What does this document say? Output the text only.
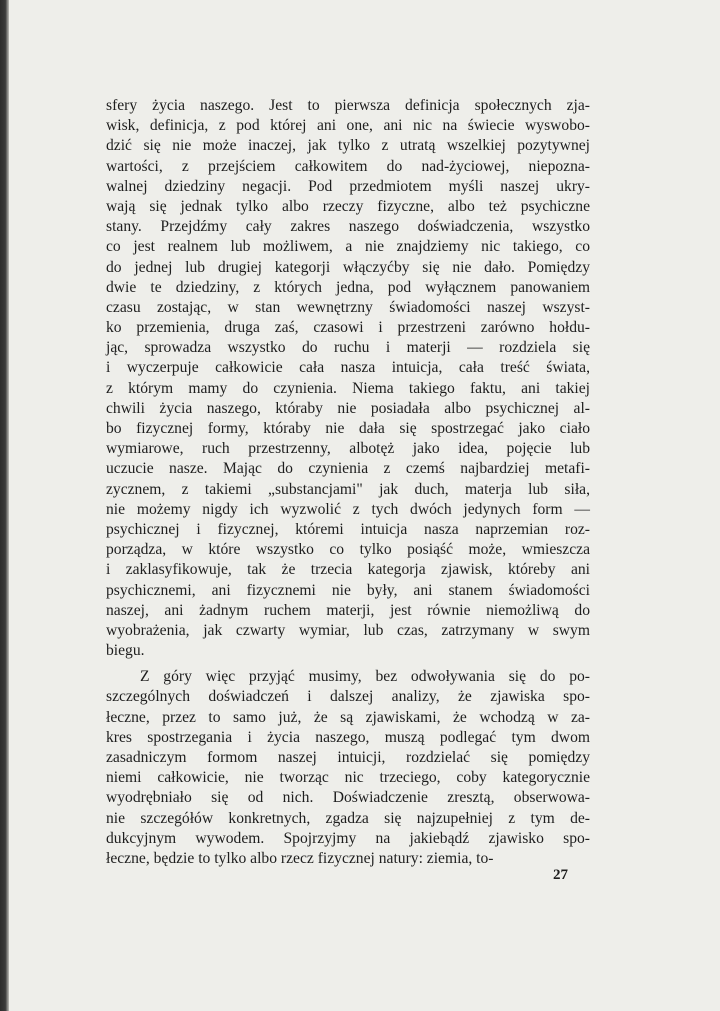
sfery życia naszego. Jest to pierwsza definicja społecznych zja-
wisk, definicja, z pod której ani one, ani nic na świecie wyswobo-
dzić się nie może inaczej, jak tylko z utratą wszelkiej pozytywnej
wartości, z przejściem całkowitem do nad-życiowej, niepozna-
walnej dziedziny negacji. Pod przedmiotem myśli naszej ukry-
wają się jednak tylko albo rzeczy fizyczne, albo też psychiczne
stany. Przejdźmy cały zakres naszego doświadczenia, wszystko
co jest realnem lub możliwem, a nie znajdziemy nic takiego, co
do jednej lub drugiej kategorji włączyćby się nie dało. Pomiędzy
dwie te dziedziny, z których jedna, pod wyłącznem panowaniem
czasu zostając, w stan wewnętrzny świadomości naszej wszyst-
ko przemienia, druga zaś, czasowi i przestrzeni zarówno hołdu-
jąc, sprowadza wszystko do ruchu i materji — rozdziela się
i wyczerpuje całkowicie cała nasza intuicja, cała treść świata,
z którym mamy do czynienia. Niema takiego faktu, ani takiej
chwili życia naszego, któraby nie posiadała albo psychicznej al-
bo fizycznej formy, któraby nie dała się spostrzegać jako ciało
wymiarowe, ruch przestrzenny, albotęż jako idea, pojęcie lub
uczucie nasze. Mając do czynienia z czemś najbardziej metafi-
zycznem, z takiemi „substancjami" jak duch, materja lub siła,
nie możemy nigdy ich wyzwolić z tych dwóch jedynych form —
psychicznej i fizycznej, któremi intuicja nasza naprzemian roz-
porządza, w które wszystko co tylko posiąść może, wmieszcza
i zaklasyfikowuje, tak że trzecia kategorja zjawisk, któreby ani
psychicznemi, ani fizycznemi nie były, ani stanem świadomości
naszej, ani żadnym ruchem materji, jest równie niemożliwą do
wyobrażenia, jak czwarty wymiar, lub czas, zatrzymany w swym
biegu.
Z góry więc przyjąć musimy, bez odwoływania się do po-
szczególnych doświadczeń i dalszej analizy, że zjawiska spo-
łeczne, przez to samo już, że są zjawiskami, że wchodzą w za-
kres spostrzegania i życia naszego, muszą podlegać tym dwom
zasadniczym formom naszej intuicji, rozdzielać się pomiędzy
niemi całkowicie, nie tworząc nic trzeciego, coby kategorycznie
wyodrębniało się od nich. Doświadczenie zresztą, obserwowa-
nie szczegółów konkretnych, zgadza się najzupełniej z tym de-
dukcyjnym wywodem. Spojrzyjmy na jakiebądź zjawisko spo-
łeczne, będzie to tylko albo rzecz fizycznej natury: ziemia, to-
27
